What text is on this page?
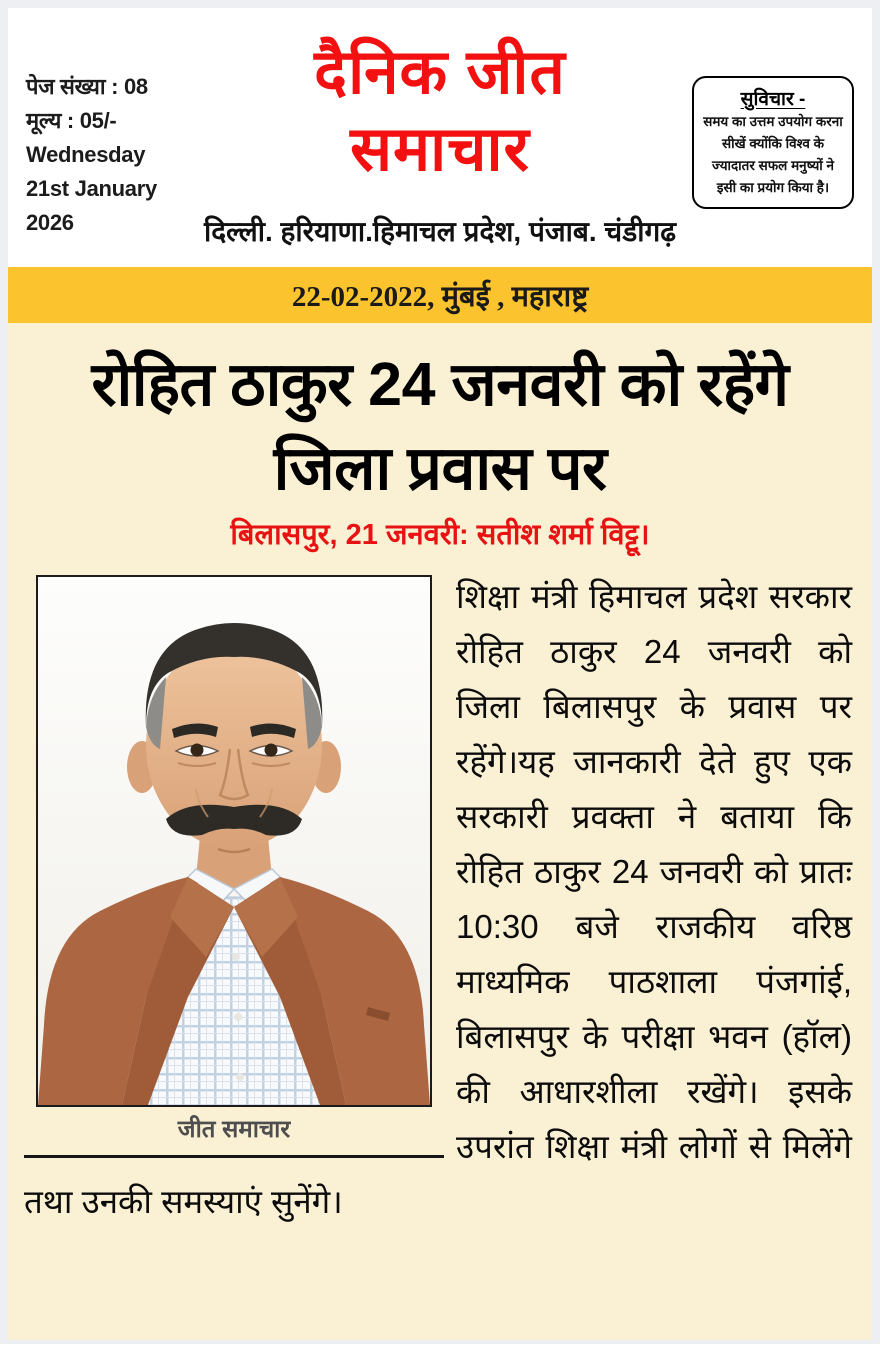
पेज संख्या : 08
मूल्य : 05/-
Wednesday
21st January
2026
दैनिक जीत
समाचार
दिल्ली. हरियाणा.हिमाचल प्रदेश, पंजाब. चंडीगढ़
सुविचार -
समय का उत्तम उपयोग करना
सीखें क्योंकि विश्व के
ज्यादातर सफल मनुष्यों ने
इसी का प्रयोग किया है।
22-02-2022, मुंबई , महाराष्ट्र
रोहित ठाकुर 24 जनवरी को रहेंगे
जिला प्रवास पर
बिलासपुर, 21 जनवरी: सतीश शर्मा विट्टू।
जीत समाचार
शिक्षा मंत्री हिमाचल प्रदेश सरकार रोहित ठाकुर 24 जनवरी को जिला बिलासपुर के प्रवास पर रहेंगे।यह जानकारी देते हुए एक सरकारी प्रवक्ता ने बताया कि रोहित ठाकुर 24 जनवरी को प्रातः 10:30 बजे राजकीय वरिष्ठ माध्यमिक पाठशाला पंजगांई, बिलासपुर के परीक्षा भवन (हॉल) की आधारशीला रखेंगे। इसके उपरांत शिक्षा मंत्री लोगों से मिलेंगे तथा उनकी समस्याएं सुनेंगे।
